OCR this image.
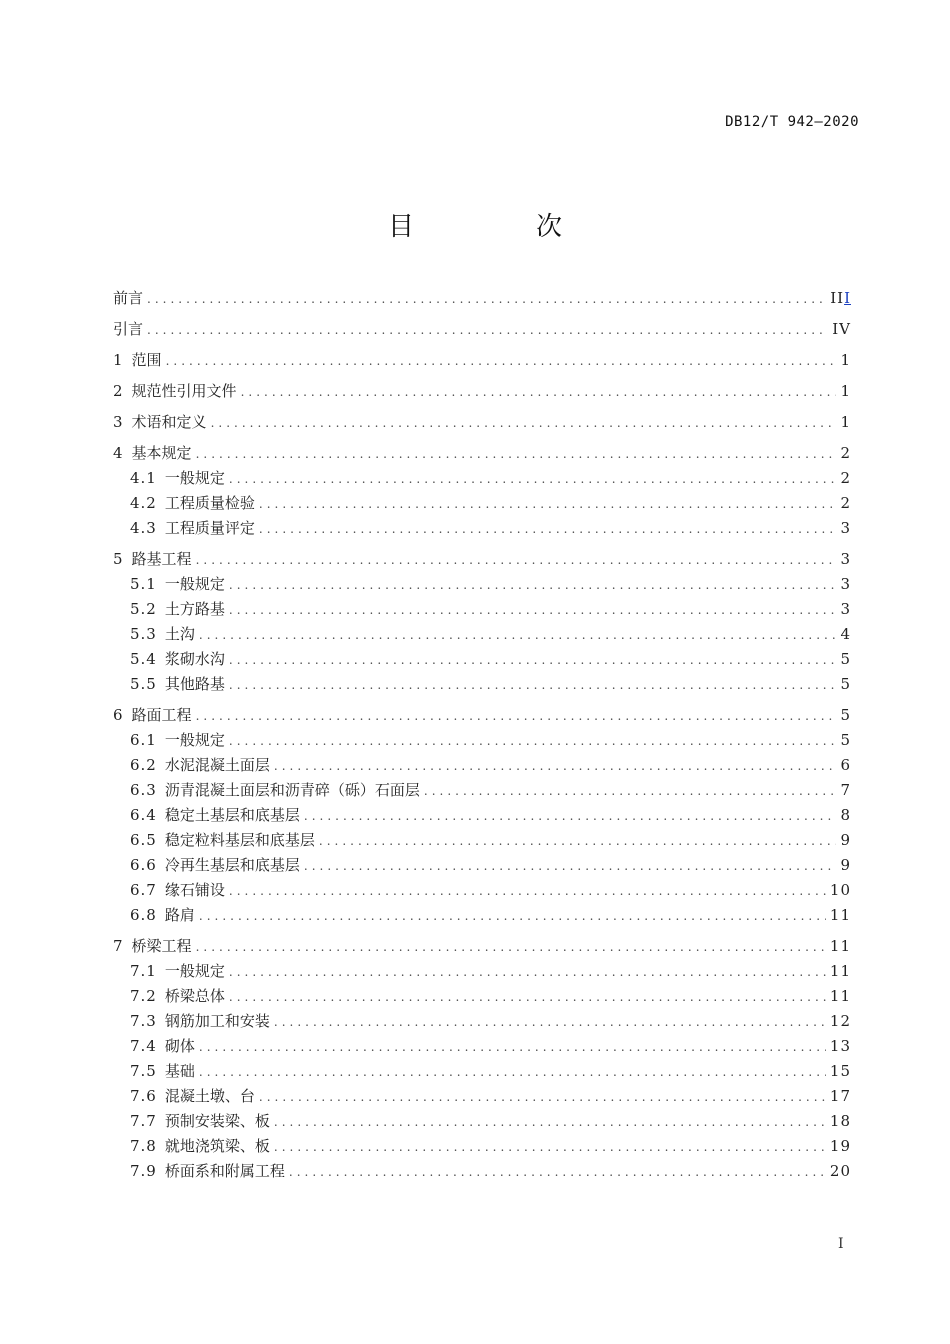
DB12/T 942—2020
目　次
前言 .....	III
引言 .....	IV
1 范围 .....	1
2 规范性引用文件 .....	1
3 术语和定义 .....	1
4 基本规定 .....	2
4.1 一般规定 .....	2
4.2 工程质量检验 .....	2
4.3 工程质量评定 .....	3
5 路基工程 .....	3
5.1 一般规定 .....	3
5.2 土方路基 .....	3
5.3 土沟 .....	4
5.4 浆砌水沟 .....	5
5.5 其他路基 .....	5
6 路面工程 .....	5
6.1 一般规定 .....	5
6.2 水泥混凝土面层 .....	6
6.3 沥青混凝土面层和沥青碎（砾）石面层 .....	7
6.4 稳定土基层和底基层 .....	8
6.5 稳定粒料基层和底基层 .....	9
6.6 冷再生基层和底基层 .....	9
6.7 缘石铺设 .....	10
6.8 路肩 .....	11
7 桥梁工程 .....	11
7.1 一般规定 .....	11
7.2 桥梁总体 .....	11
7.3 钢筋加工和安装 .....	12
7.4 砌体 .....	13
7.5 基础 .....	15
7.6 混凝土墩、台 .....	17
7.7 预制安装梁、板 .....	18
7.8 就地浇筑梁、板 .....	19
7.9 桥面系和附属工程 .....	20
I
